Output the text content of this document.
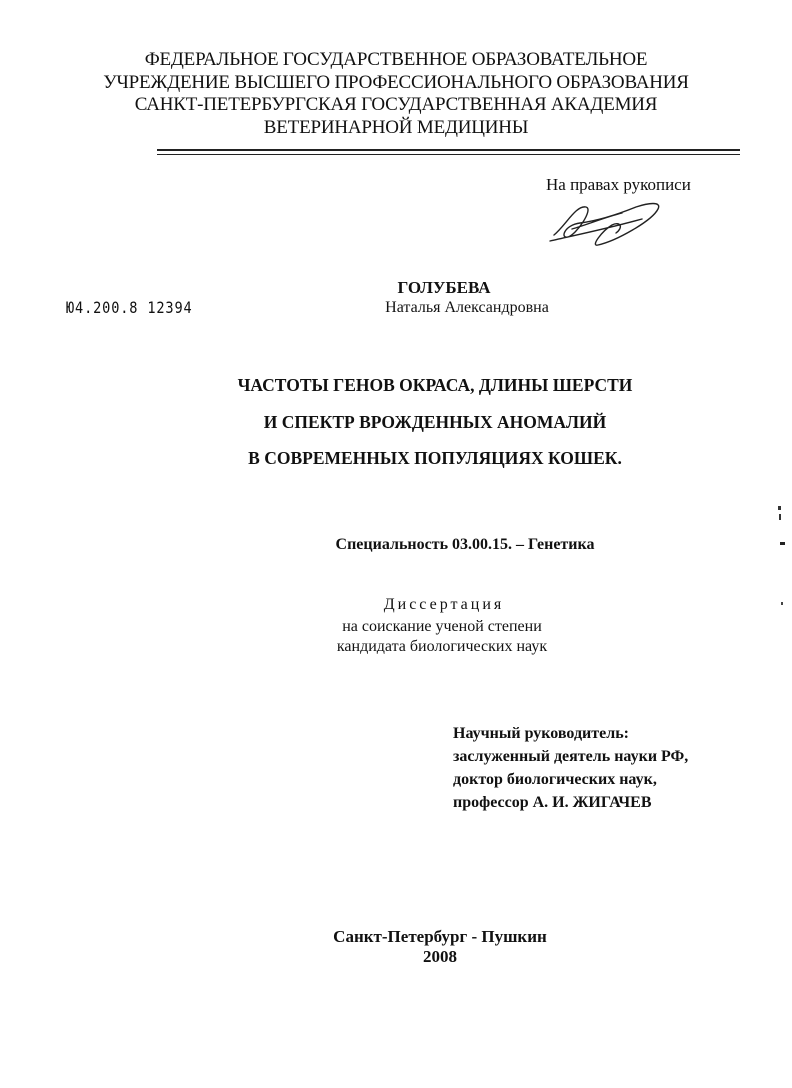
ФЕДЕРАЛЬНОЕ ГОСУДАРСТВЕННОЕ ОБРАЗОВАТЕЛЬНОЕ
УЧРЕЖДЕНИЕ ВЫСШЕГО ПРОФЕССИОНАЛЬНОГО ОБРАЗОВАНИЯ
САНКТ-ПЕТЕРБУРГСКАЯ ГОСУДАРСТВЕННАЯ АКАДЕМИЯ
ВЕТЕРИНАРНОЙ МЕДИЦИНЫ
На правах рукописи
Ю4.200.8 12394
ГОЛУБЕВА
Наталья Александровна
ЧАСТОТЫ ГЕНОВ ОКРАСА, ДЛИНЫ ШЕРСТИ
И СПЕКТР ВРОЖДЕННЫХ АНОМАЛИЙ
В СОВРЕМЕННЫХ ПОПУЛЯЦИЯХ КОШЕК.
Специальность 03.00.15. – Генетика
Диссертация
на соискание ученой степени
кандидата биологических наук
Научный руководитель:
заслуженный деятель науки РФ,
доктор биологических наук,
профессор А. И. ЖИГАЧЕВ
Санкт-Петербург - Пушкин
2008
